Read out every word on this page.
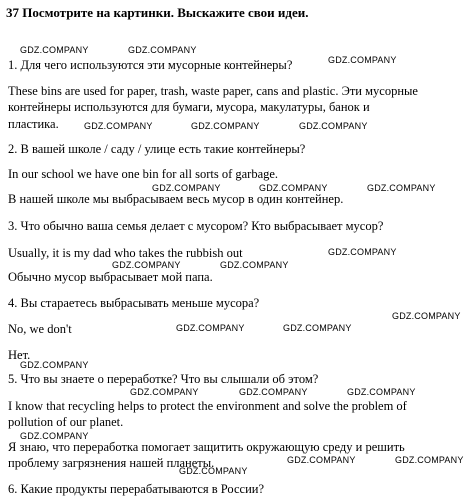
37 Посмотрите на картинки. Выскажите свои идеи.
1. Для чего используются эти мусорные контейнеры?
These bins are used for paper, trash, waste paper, cans and plastic. Эти мусорные
контейнеры используются для бумаги, мусора, макулатуры, банок и
пластика.
2. В вашей школе / саду / улице есть такие контейнеры?
In our school we have one bin for all sorts of garbage.
В нашей школе мы выбрасываем весь мусор в один контейнер.
3. Что обычно ваша семья делает с мусором? Кто выбрасывает мусор?
Usually, it is my dad who takes the rubbish out
Обычно мусор выбрасывает мой папа.
4. Вы стараетесь выбрасывать меньше мусора?
No, we don't
Нет.
5. Что вы знаете о переработке? Что вы слышали об этом?
I know that recycling helps to protect the environment and solve the problem of
pollution of our planet.
Я знаю, что переработка помогает защитить окружающую среду и решить
проблему загрязнения нашей планеты.
6. Какие продукты перерабатываются в России?
GDZ.COMPANY	GDZ.COMPANY
GDZ.COMPANY
GDZ.COMPANY	GDZ.COMPANY	GDZ.COMPANY
GDZ.COMPANY	GDZ.COMPANY	GDZ.COMPANY
GDZ.COMPANY
GDZ.COMPANY	GDZ.COMPANY
GDZ.COMPANY
GDZ.COMPANY	GDZ.COMPANY
GDZ.COMPANY
GDZ.COMPANY	GDZ.COMPANY	GDZ.COMPANY
GDZ.COMPANY
GDZ.COMPANY	GDZ.COMPANY
GDZ.COMPANY
